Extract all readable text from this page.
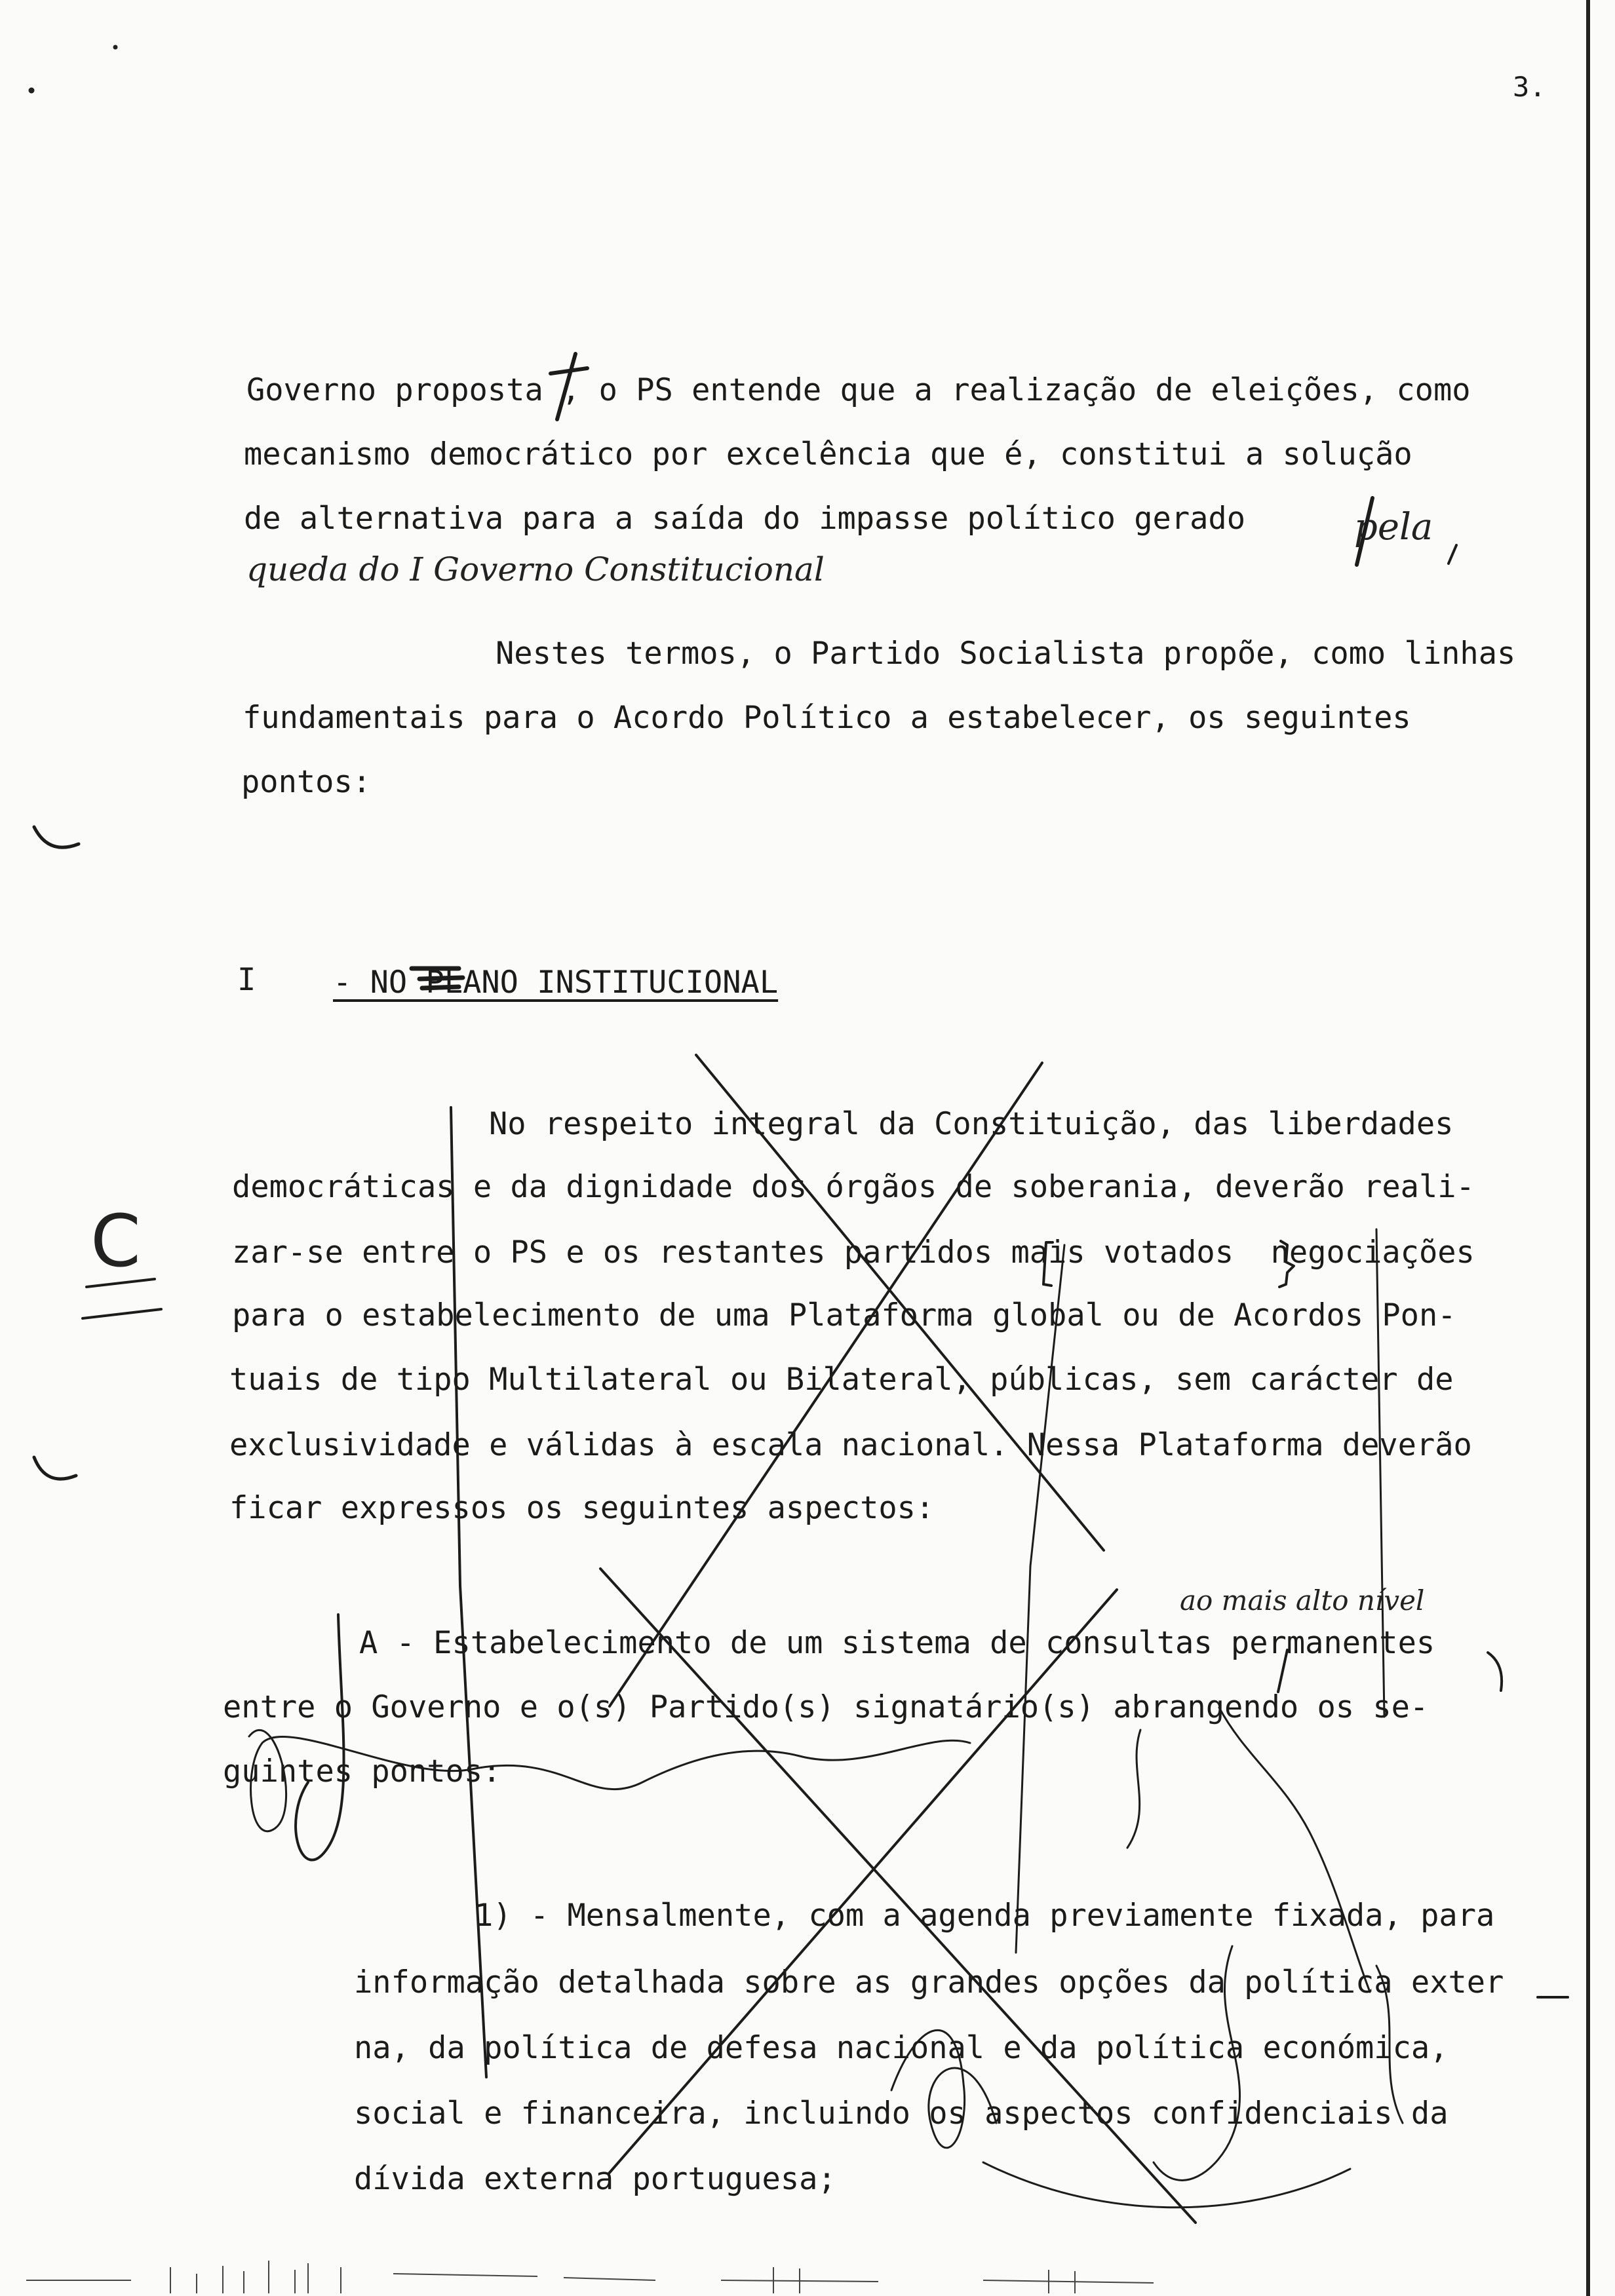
3.
Governo proposta , o PS entende que a realização de eleições, como
mecanismo democrático por excelência que é, constitui a solução
de alternativa para a saída do impasse político gerado	pela
queda do I Governo Constitucional
Nestes termos, o Partido Socialista propõe, como linhas
fundamentais para o Acordo Político a estabelecer, os seguintes
pontos:
I	- NO PLANO INSTITUCIONAL
No respeito integral da Constituição, das liberdades
democráticas e da dignidade dos órgãos de soberania, deverão reali-
zar-se entre o PS e os restantes partidos mais votados  negociações
para o estabelecimento de uma Plataforma global ou de Acordos Pon-
tuais de tipo Multilateral ou Bilateral, públicas, sem carácter de
exclusividade e válidas à escala nacional. Nessa Plataforma deverão
ficar expressos os seguintes aspectos:
ao mais alto nível
A - Estabelecimento de um sistema de consultas permanentes
entre o Governo e o(s) Partido(s) signatário(s) abrangendo os se-
guintes pontos:
1) - Mensalmente, com a agenda previamente fixada, para
informação detalhada sobre as grandes opções da política exter
na, da política de defesa nacional e da política económica,
social e financeira, incluindo os aspectos confidenciais da
dívida externa portuguesa;
C
